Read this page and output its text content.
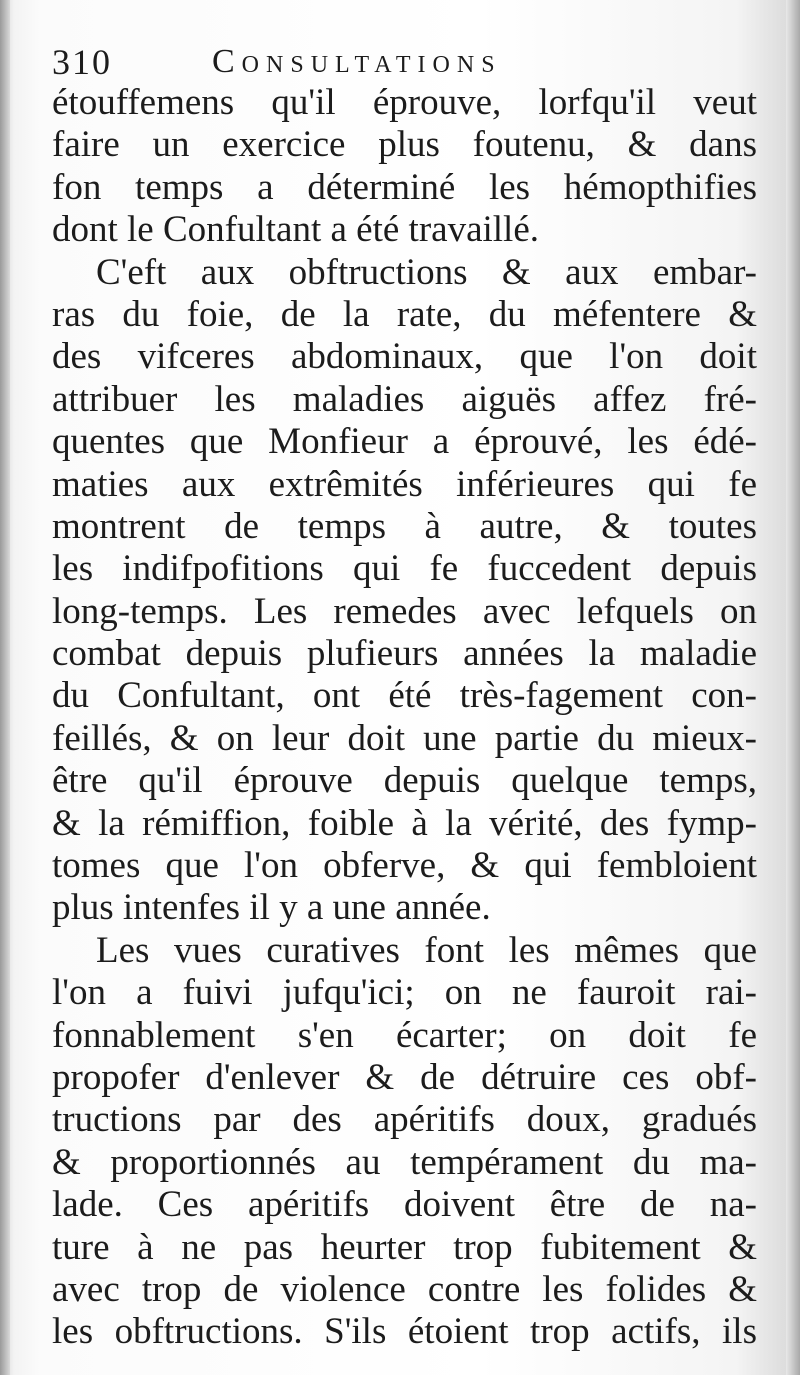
310	Consultations
étouffemens qu'il éprouve, lorfqu'il veut
faire un exercice plus foutenu, & dans
fon temps a déterminé les hémopthifies
dont le Confultant a été travaillé.
C'eft aux obftructions & aux embar-
ras du foie, de la rate, du méfentere &
des vifceres abdominaux, que l'on doit
attribuer les maladies aiguës affez fré-
quentes que Monfieur a éprouvé, les édé-
maties aux extrêmités inférieures qui fe
montrent de temps à autre, & toutes
les indifpofitions qui fe fuccedent depuis
long-temps. Les remedes avec lefquels on
combat depuis plufieurs années la maladie
du Confultant, ont été très-fagement con-
feillés, & on leur doit une partie du mieux-
être qu'il éprouve depuis quelque temps,
& la rémiffion, foible à la vérité, des fymp-
tomes que l'on obferve, & qui fembloient
plus intenfes il y a une année.
Les vues curatives font les mêmes que
l'on a fuivi jufqu'ici; on ne fauroit rai-
fonnablement s'en écarter; on doit fe
propofer d'enlever & de détruire ces obf-
tructions par des apéritifs doux, gradués
& proportionnés au tempérament du ma-
lade. Ces apéritifs doivent être de na-
ture à ne pas heurter trop fubitement &
avec trop de violence contre les folides &
les obftructions. S'ils étoient trop actifs, ils
